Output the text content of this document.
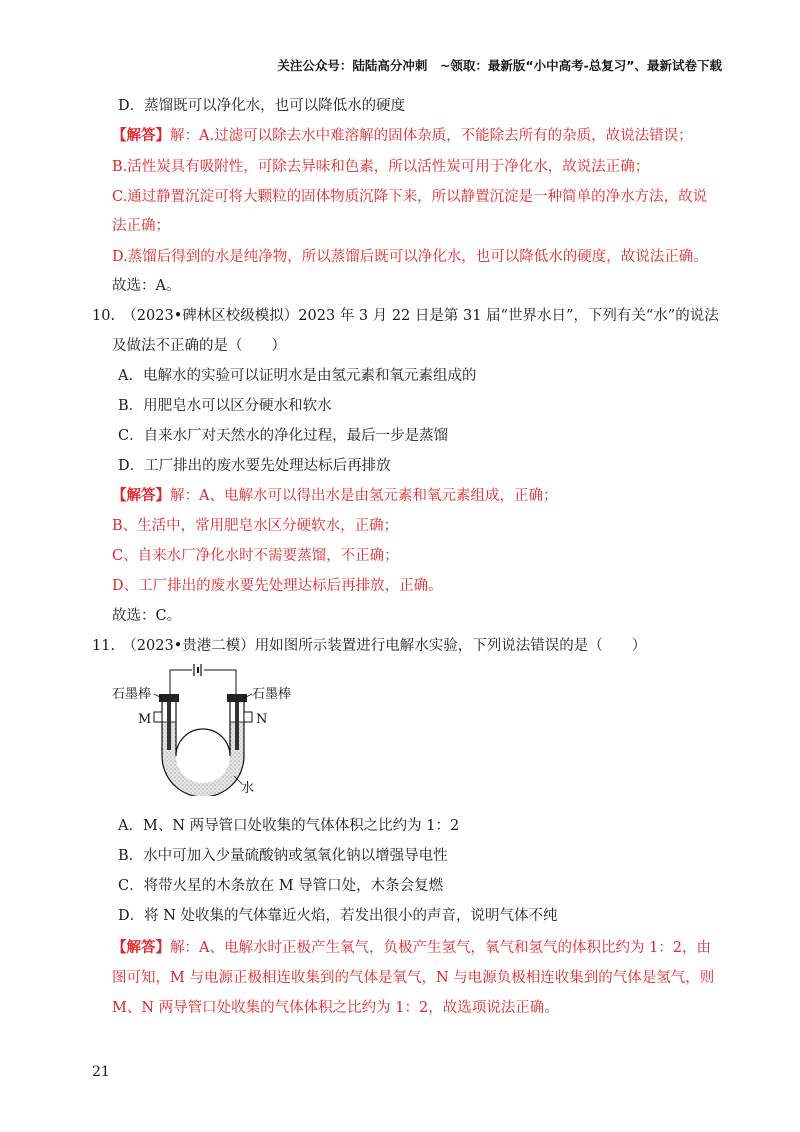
关注公众号：陆陆高分冲刺　~领取：最新版“小中高考-总复习”、最新试卷下载
D．蒸馏既可以净化水，也可以降低水的硬度
【解答】解：A.过滤可以除去水中难溶解的固体杂质，不能除去所有的杂质，故说法错误；
B.活性炭具有吸附性，可除去异味和色素，所以活性炭可用于净化水，故说法正确；
C.通过静置沉淀可将大颗粒的固体物质沉降下来，所以静置沉淀是一种简单的净水方法，故说
法正确；
D.蒸馏后得到的水是纯净物，所以蒸馏后既可以净化水，也可以降低水的硬度，故说法正确。
故选：A。
10.　（2023•碑林区校级模拟）2023 年 3 月 22 日是第 31 届“世界水日”，下列有关“水”的说法
及做法不正确的是（　　）
A．电解水的实验可以证明水是由氢元素和氧元素组成的
B．用肥皂水可以区分硬水和软水
C．自来水厂对天然水的净化过程，最后一步是蒸馏
D．工厂排出的废水要先处理达标后再排放
【解答】解：A、电解水可以得出水是由氢元素和氧元素组成，正确；
B、生活中，常用肥皂水区分硬软水，正确；
C、自来水厂净化水时不需要蒸馏，不正确；
D、工厂排出的废水要先处理达标后再排放，正确。
故选：C。
11.　（2023•贵港二模）用如图所示装置进行电解水实验，下列说法错误的是（　　）
石墨棒	石墨棒
M	N
水
A．M、N 两导管口处收集的气体体积之比约为 1：2
B．水中可加入少量硫酸钠或氢氧化钠以增强导电性
C．将带火星的木条放在 M 导管口处，木条会复燃
D．将 N 处收集的气体靠近火焰，若发出很小的声音，说明气体不纯
【解答】解：A、电解水时正极产生氧气，负极产生氢气，氧气和氢气的体积比约为 1：2，由
图可知，M 与电源正极相连收集到的气体是氧气，N 与电源负极相连收集到的气体是氢气，则
M、N 两导管口处收集的气体体积之比约为 1：2，故选项说法正确。
21
